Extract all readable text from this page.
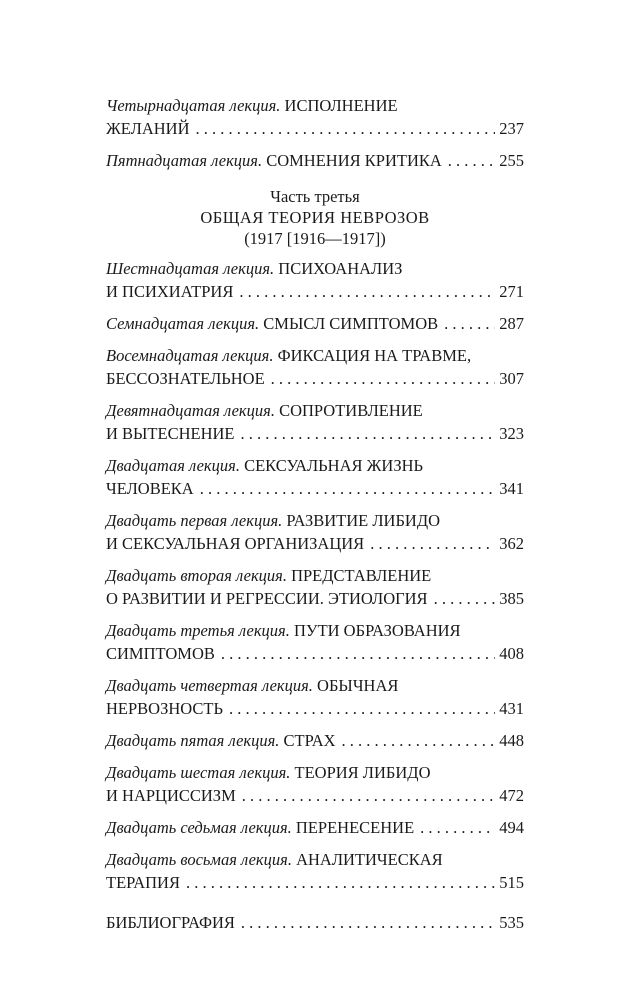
Четырнадцатая лекция. ИСПОЛНЕНИЕ
ЖЕЛАНИЙ . . .	237
Пятнадцатая лекция. СОМНЕНИЯ КРИТИКА . . .	255
Часть третья
ОБЩАЯ ТЕОРИЯ НЕВРОЗОВ
(1917 [1916—1917])
Шестнадцатая лекция. ПСИХОАНАЛИЗ
И ПСИХИАТРИЯ . . .	271
Семнадцатая лекция. СМЫСЛ СИМПТОМОВ . . .	287
Восемнадцатая лекция. ФИКСАЦИЯ НА ТРАВМЕ,
БЕССОЗНАТЕЛЬНОЕ . . .	307
Девятнадцатая лекция. СОПРОТИВЛЕНИЕ
И ВЫТЕСНЕНИЕ . . .	323
Двадцатая лекция. СЕКСУАЛЬНАЯ ЖИЗНЬ
ЧЕЛОВЕКА . . .	341
Двадцать первая лекция. РАЗВИТИЕ ЛИБИДО
И СЕКСУАЛЬНАЯ ОРГАНИЗАЦИЯ . . .	362
Двадцать вторая лекция. ПРЕДСТАВЛЕНИЕ
О РАЗВИТИИ И РЕГРЕССИИ. ЭТИОЛОГИЯ . . .	385
Двадцать третья лекция. ПУТИ ОБРАЗОВАНИЯ
СИМПТОМОВ . . .	408
Двадцать четвертая лекция. ОБЫЧНАЯ
НЕРВОЗНОСТЬ . . .	431
Двадцать пятая лекция. СТРАХ . . .	448
Двадцать шестая лекция. ТЕОРИЯ ЛИБИДО
И НАРЦИССИЗМ . . .	472
Двадцать седьмая лекция. ПЕРЕНЕСЕНИЕ . . .	494
Двадцать восьмая лекция. АНАЛИТИЧЕСКАЯ
ТЕРАПИЯ . . .	515
БИБЛИОГРАФИЯ . . .	535
